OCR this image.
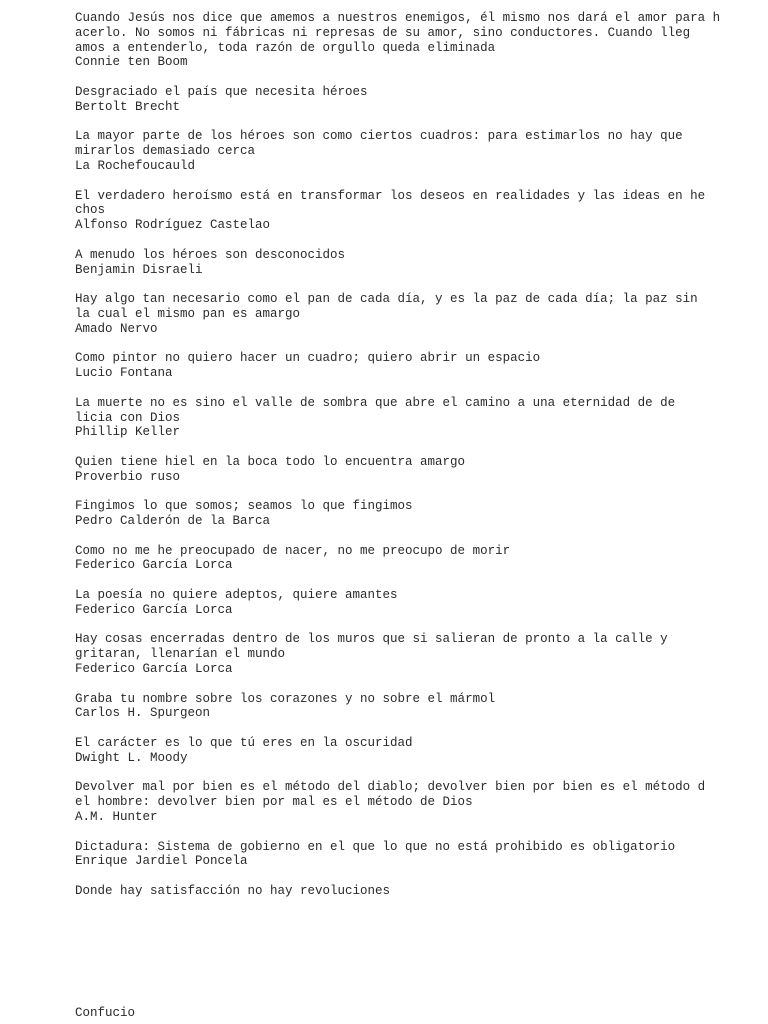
Cuando Jesús nos dice que amemos a nuestros enemigos, él mismo nos dará el amor para h
acerlo. No somos ni fábricas ni represas de su amor, sino conductores. Cuando lleg
amos a entenderlo, toda razón de orgullo queda eliminada
Connie ten Boom
Desgraciado el país que necesita héroes
Bertolt Brecht
La mayor parte de los héroes son como ciertos cuadros: para estimarlos no hay que
mirarlos demasiado cerca
La Rochefoucauld
El verdadero heroísmo está en transformar los deseos en realidades y las ideas en he
chos
Alfonso Rodríguez Castelao
A menudo los héroes son desconocidos
Benjamin Disraeli
Hay algo tan necesario como el pan de cada día, y es la paz de cada día; la paz sin
la cual el mismo pan es amargo
Amado Nervo
Como pintor no quiero hacer un cuadro; quiero abrir un espacio
Lucio Fontana
La muerte no es sino el valle de sombra que abre el camino a una eternidad de de
licia con Dios
Phillip Keller
Quien tiene hiel en la boca todo lo encuentra amargo
Proverbio ruso
Fingimos lo que somos; seamos lo que fingimos
Pedro Calderón de la Barca
Como no me he preocupado de nacer, no me preocupo de morir
Federico García Lorca
La poesía no quiere adeptos, quiere amantes
Federico García Lorca
Hay cosas encerradas dentro de los muros que si salieran de pronto a la calle y
gritaran, llenarían el mundo
Federico García Lorca
Graba tu nombre sobre los corazones y no sobre el mármol
Carlos H. Spurgeon
El carácter es lo que tú eres en la oscuridad
Dwight L. Moody
Devolver mal por bien es el método del diablo; devolver bien por bien es el método d
el hombre: devolver bien por mal es el método de Dios
A.M. Hunter
Dictadura: Sistema de gobierno en el que lo que no está prohibido es obligatorio
Enrique Jardiel Poncela
Donde hay satisfacción no hay revoluciones
Confucio
